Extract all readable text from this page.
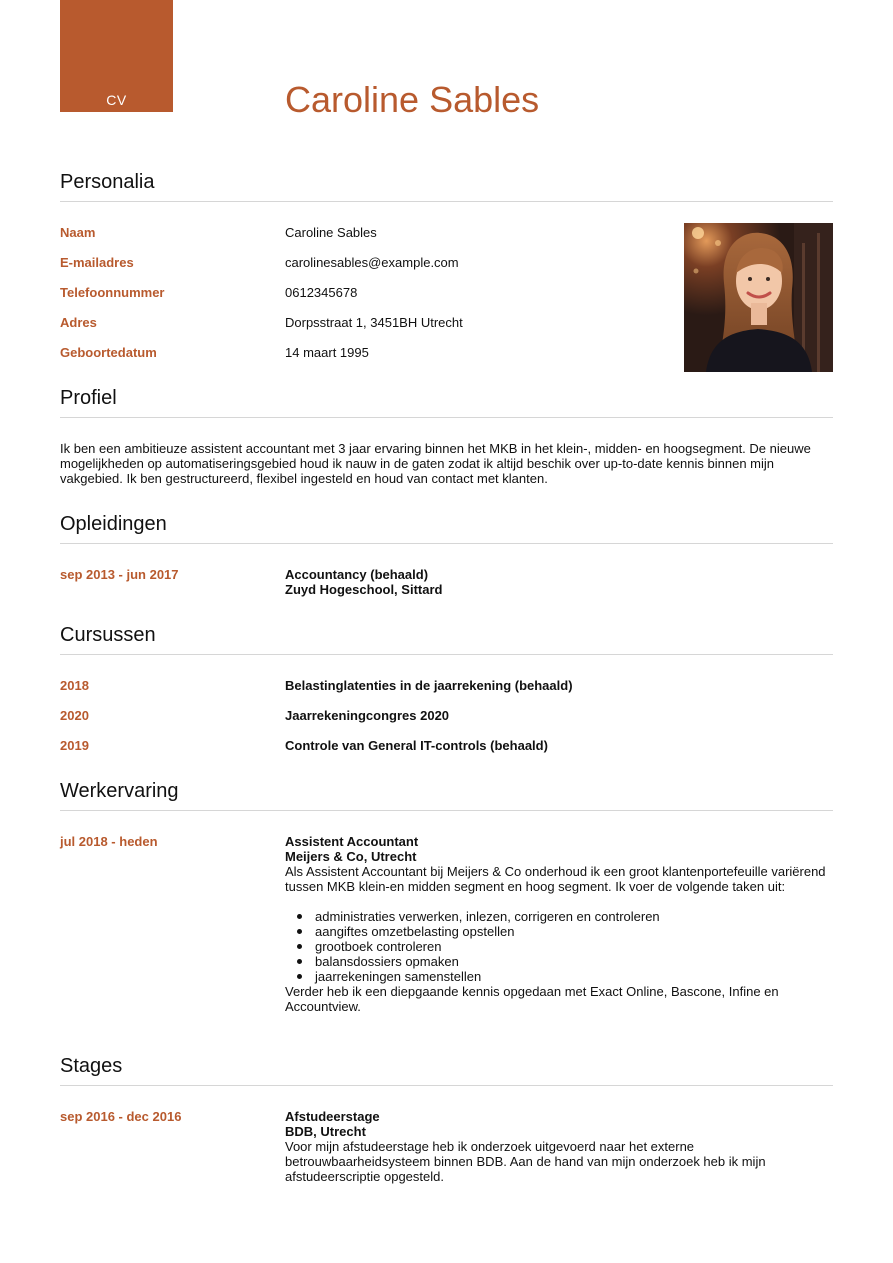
CV	Caroline Sables
Personalia
Naam	Caroline Sables
E-mailadres	carolinesables@example.com
Telefoonnummer	0612345678
Adres	Dorpsstraat 1, 3451BH Utrecht
Geboortedatum	14 maart 1995
Profiel

Ik ben een ambitieuze assistent accountant met 3 jaar ervaring binnen het MKB in het klein-, midden- en hoogsegment. De nieuwe mogelijkheden op automatiseringsgebied houd ik nauw in de gaten zodat ik altijd beschik over up-to-date kennis binnen mijn vakgebied. Ik ben gestructureerd, flexibel ingesteld en houd van contact met klanten.

Opleidingen
sep 2013 - jun 2017	Accountancy (behaald)
Zuyd Hogeschool, Sittard
Cursussen
2018	Belastinglatenties in de jaarrekening (behaald)
2020	Jaarrekeningcongres 2020
2019	Controle van General IT-controls (behaald)
Werkervaring
jul 2018 - heden	Assistent Accountant
Meijers & Co, Utrecht
Als Assistent Accountant bij Meijers & Co onderhoud ik een groot klantenportefeuille variërend tussen MKB klein-en midden segment en hoog segment. Ik voer de volgende taken uit:
administraties verwerken, inlezen, corrigeren en controleren
aangiftes omzetbelasting opstellen
grootboek controleren
balansdossiers opmaken
jaarrekeningen samenstellen
Verder heb ik een diepgaande kennis opgedaan met Exact Online, Bascone, Infine en Accountview.
Stages
sep 2016 - dec 2016	Afstudeerstage
BDB, Utrecht
Voor mijn afstudeerstage heb ik onderzoek uitgevoerd naar het externe betrouwbaarheidsysteem binnen BDB. Aan de hand van mijn onderzoek heb ik mijn afstudeerscriptie opgesteld.
